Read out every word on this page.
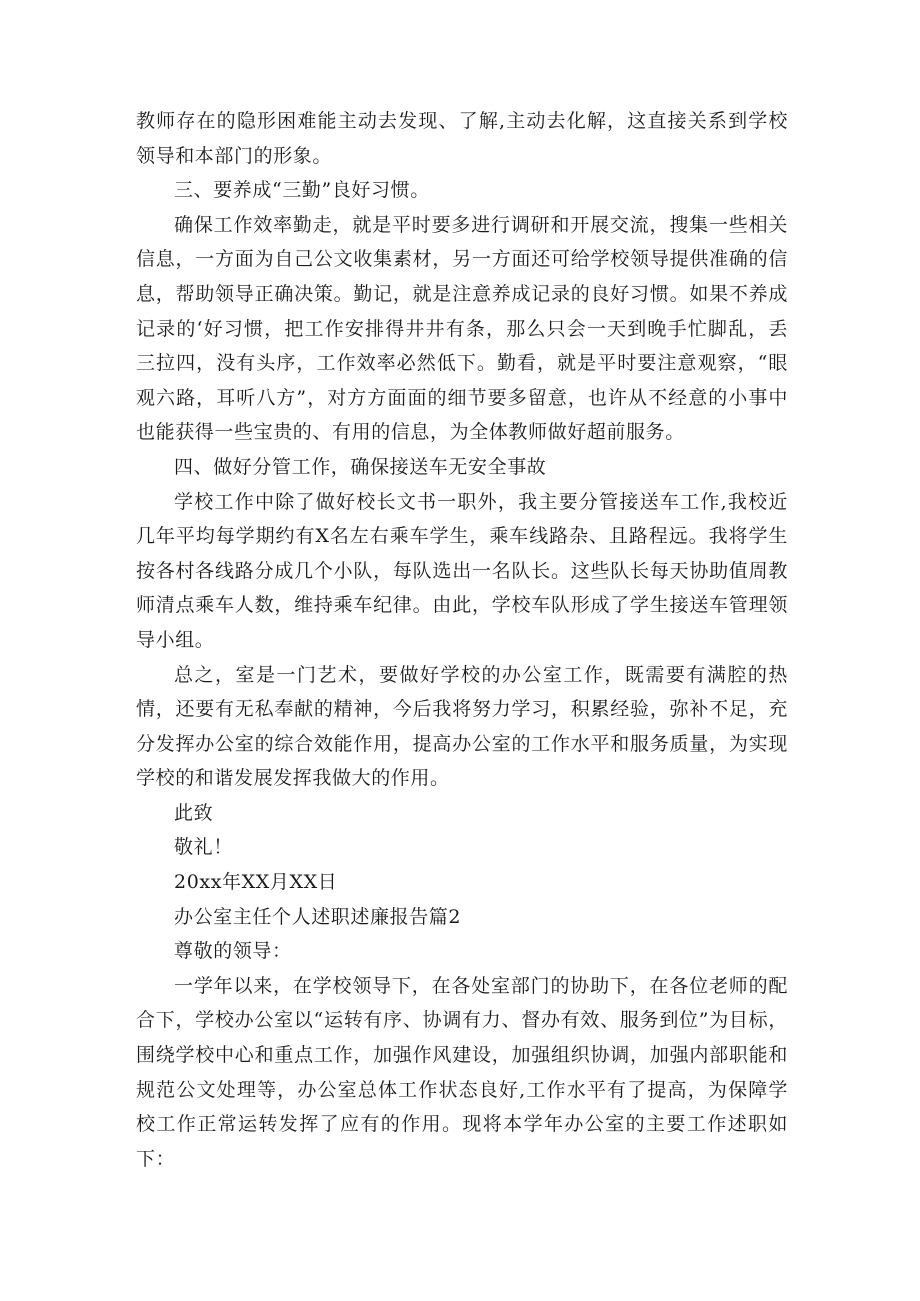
教师存在的隐形困难能主动去发现、了解,主动去化解，这直接关系到学校领导和本部门的形象。

三、要养成“三勤”良好习惯。

确保工作效率勤走，就是平时要多进行调研和开展交流，搜集一些相关信息，一方面为自己公文收集素材，另一方面还可给学校领导提供准确的信息，帮助领导正确决策。勤记，就是注意养成记录的良好习惯。如果不养成记录的‘好习惯，把工作安排得井井有条，那么只会一天到晚手忙脚乱，丢三拉四，没有头序，工作效率必然低下。勤看，就是平时要注意观察，“眼观六路，耳听八方”，对方方面面的细节要多留意，也许从不经意的小事中也能获得一些宝贵的、有用的信息，为全体教师做好超前服务。

四、做好分管工作，确保接送车无安全事故

学校工作中除了做好校长文书一职外，我主要分管接送车工作,我校近几年平均每学期约有X名左右乘车学生，乘车线路杂、且路程远。我将学生按各村各线路分成几个小队，每队选出一名队长。这些队长每天协助值周教师清点乘车人数，维持乘车纪律。由此，学校车队形成了学生接送车管理领导小组。

总之，室是一门艺术，要做好学校的办公室工作，既需要有满腔的热情，还要有无私奉献的精神，今后我将努力学习，积累经验，弥补不足，充分发挥办公室的综合效能作用，提高办公室的工作水平和服务质量，为实现学校的和谐发展发挥我做大的作用。

此致

敬礼！

20xx年XX月XX日

办公室主任个人述职述廉报告篇2

尊敬的领导：

一学年以来，在学校领导下，在各处室部门的协助下，在各位老师的配合下，学校办公室以“运转有序、协调有力、督办有效、服务到位”为目标，围绕学校中心和重点工作，加强作风建设，加强组织协调，加强内部职能和规范公文处理等，办公室总体工作状态良好,工作水平有了提高，为保障学校工作正常运转发挥了应有的作用。现将本学年办公室的主要工作述职如下：
